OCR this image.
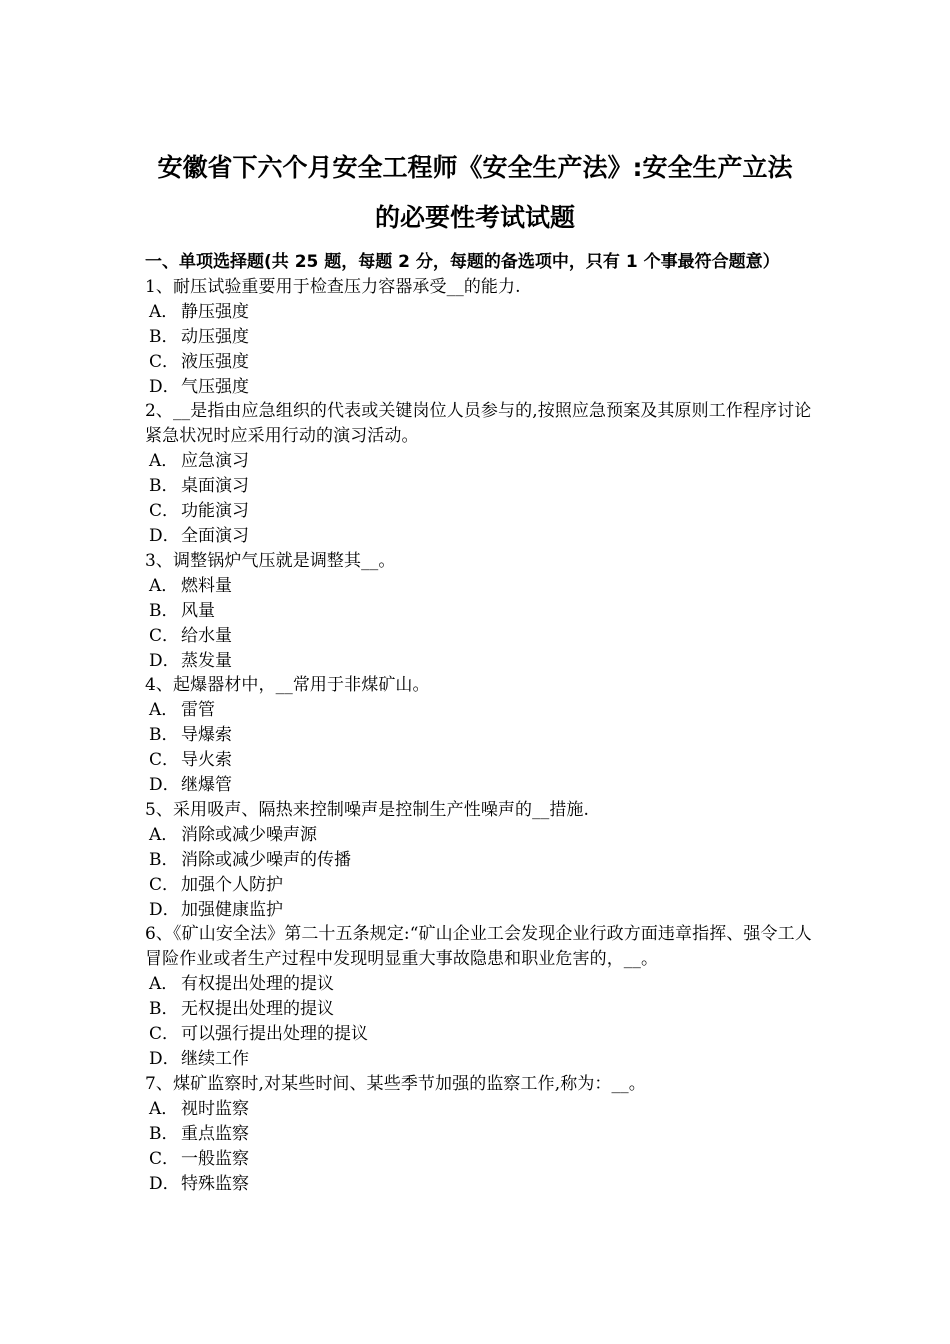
安徽省下六个月安全工程师《安全生产法》:安全生产立法
的必要性考试试题

一、单项选择题(共 25 题，每题 2 分，每题的备选项中，只有 1 个事最符合题意）

1、耐压试验重要用于检查压力容器承受__的能力.

A． 静压强度

B． 动压强度

C． 液压强度

D．气压强度

2、__是指由应急组织的代表或关键岗位人员参与的,按照应急预案及其原则工作程序讨论紧急状况时应采用行动的演习活动。

A． 应急演习

B． 桌面演习

C． 功能演习

D．全面演习

3、调整锅炉气压就是调整其__。

A． 燃料量

B． 风量

C． 给水量

D．蒸发量

4、起爆器材中，__常用于非煤矿山。

A． 雷管

B． 导爆索

C． 导火索

D．继爆管

5、采用吸声、隔热来控制噪声是控制生产性噪声的__措施.

A． 消除或减少噪声源

B． 消除或减少噪声的传播

C． 加强个人防护

D．加强健康监护

6、《矿山安全法》第二十五条规定:“矿山企业工会发现企业行政方面违章指挥、强令工人冒险作业或者生产过程中发现明显重大事故隐患和职业危害的，__。

A． 有权提出处理的提议

B． 无权提出处理的提议

C． 可以强行提出处理的提议

D．继续工作

7、煤矿监察时,对某些时间、某些季节加强的监察工作,称为：__。

A． 视时监察

B． 重点监察

C． 一般监察

D．特殊监察
